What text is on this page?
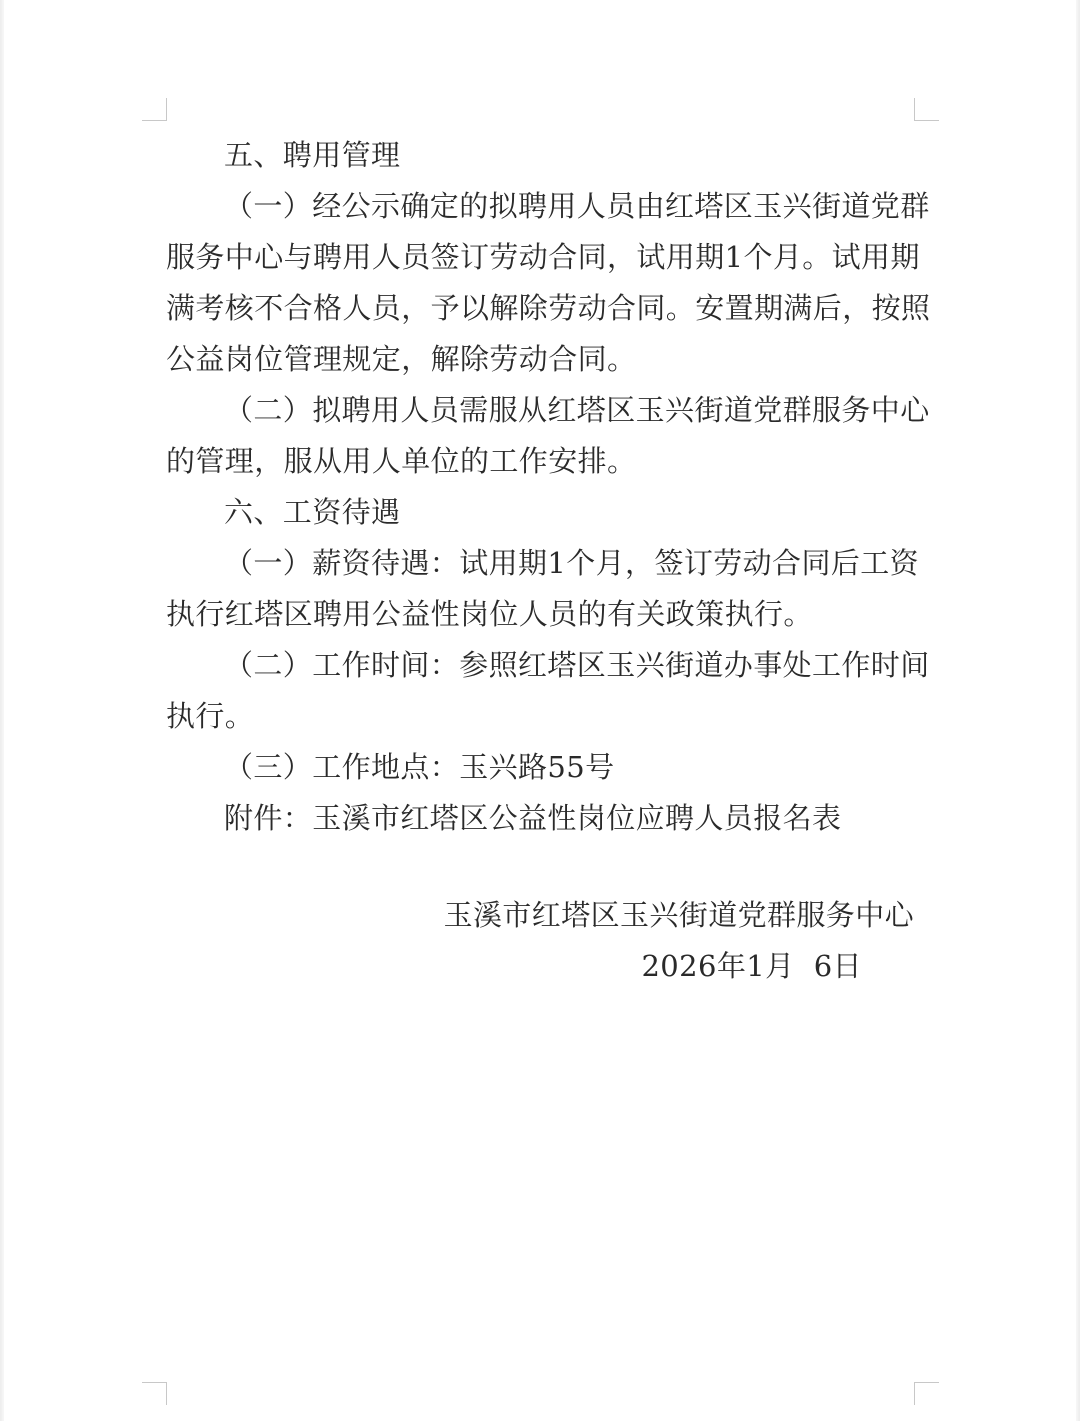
五、聘用管理
（一）经公示确定的拟聘用人员由红塔区玉兴街道党群
服务中心与聘用人员签订劳动合同，试用期1个月。试用期
满考核不合格人员，予以解除劳动合同。安置期满后，按照
公益岗位管理规定，解除劳动合同。
（二）拟聘用人员需服从红塔区玉兴街道党群服务中心
的管理，服从用人单位的工作安排。
六、工资待遇
（一）薪资待遇：试用期1个月，签订劳动合同后工资
执行红塔区聘用公益性岗位人员的有关政策执行。
（二）工作时间：参照红塔区玉兴街道办事处工作时间
执行。
（三）工作地点：玉兴路55号
附件：玉溪市红塔区公益性岗位应聘人员报名表
玉溪市红塔区玉兴街道党群服务中心
2026年1月  6日
